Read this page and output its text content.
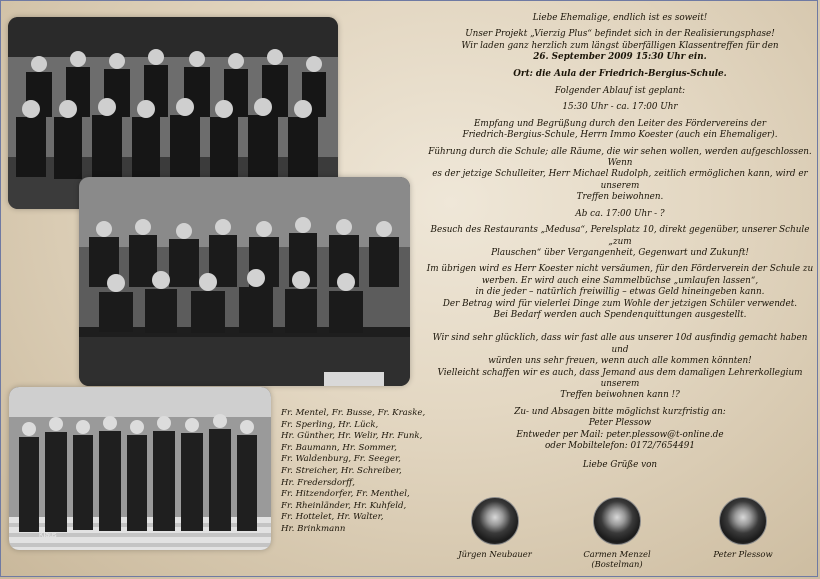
Klaus
Fr. Mentel, Fr. Busse, Fr. Kraske,
Fr. Sperling, Hr. Lück,
Hr. Günther, Hr. Welir, Hr. Funk,
Fr. Baumann, Hr. Sommer,
Fr. Waldenburg, Fr. Seeger,
Fr. Streicher, Hr. Schreiber,
Hr. Fredersdorff,
Fr. Hitzendorfer, Fr. Menthel,
Fr. Rheinländer, Hr. Kuhfeld,
Fr. Hottelet, Hr. Walter,
Hr. Brinkmann

Liebe Ehemalige, endlich ist es soweit!

Unser Projekt „Vierzig Plus“ befindet sich in der Realisierungsphase!
Wir laden ganz herzlich zum längst überfälligen Klassentreffen für den
26. September 2009 15:30 Uhr ein.

Ort: die Aula der Friedrich-Bergius-Schule.

Folgender Ablauf ist geplant:

15:30 Uhr - ca. 17:00 Uhr

Empfang und Begrüßung durch den Leiter des Fördervereins der
Friedrich-Bergius-Schule, Herrn Immo Koester (auch ein Ehemaliger).

Führung durch die Schule; alle Räume, die wir sehen wollen, werden aufgeschlossen. Wenn
es der jetzige Schulleiter, Herr Michael Rudolph, zeitlich ermöglichen kann, wird er unserem
Treffen beiwohnen.

Ab ca. 17:00 Uhr - ?

Besuch des Restaurants „Medusa“, Perelsplatz 10, direkt gegenüber, unserer Schule „zum
Plauschen“ über Vergangenheit, Gegenwart und Zukunft!

Im übrigen wird es Herr Koester nicht versäumen, für den Förderverein der Schule zu
werben. Er wird auch eine Sammelbüchse „umlaufen lassen“,
in die jeder – natürlich freiwillig – etwas Geld hineingeben kann.
Der Betrag wird für vielerlei Dinge zum Wohle der jetzigen Schüler verwendet.
Bei Bedarf werden auch Spendenquittungen ausgestellt.

Wir sind sehr glücklich, dass wir fast alle aus unserer 10d ausfindig gemacht haben und
würden uns sehr freuen, wenn auch alle kommen könnten!
Vielleicht schaffen wir es auch, dass Jemand aus dem damaligen Lehrerkollegium unserem
Treffen beiwohnen kann !?

Zu- und Absagen bitte möglichst kurzfristig an:
Peter Plessow
Entweder per Mail: peter.plessow@t-online.de
oder Mobiltelefon: 0172/7654491

Liebe Grüße von

Jürgen Neubauer	Carmen Menzel (Bostelman)
Peter Plessow
